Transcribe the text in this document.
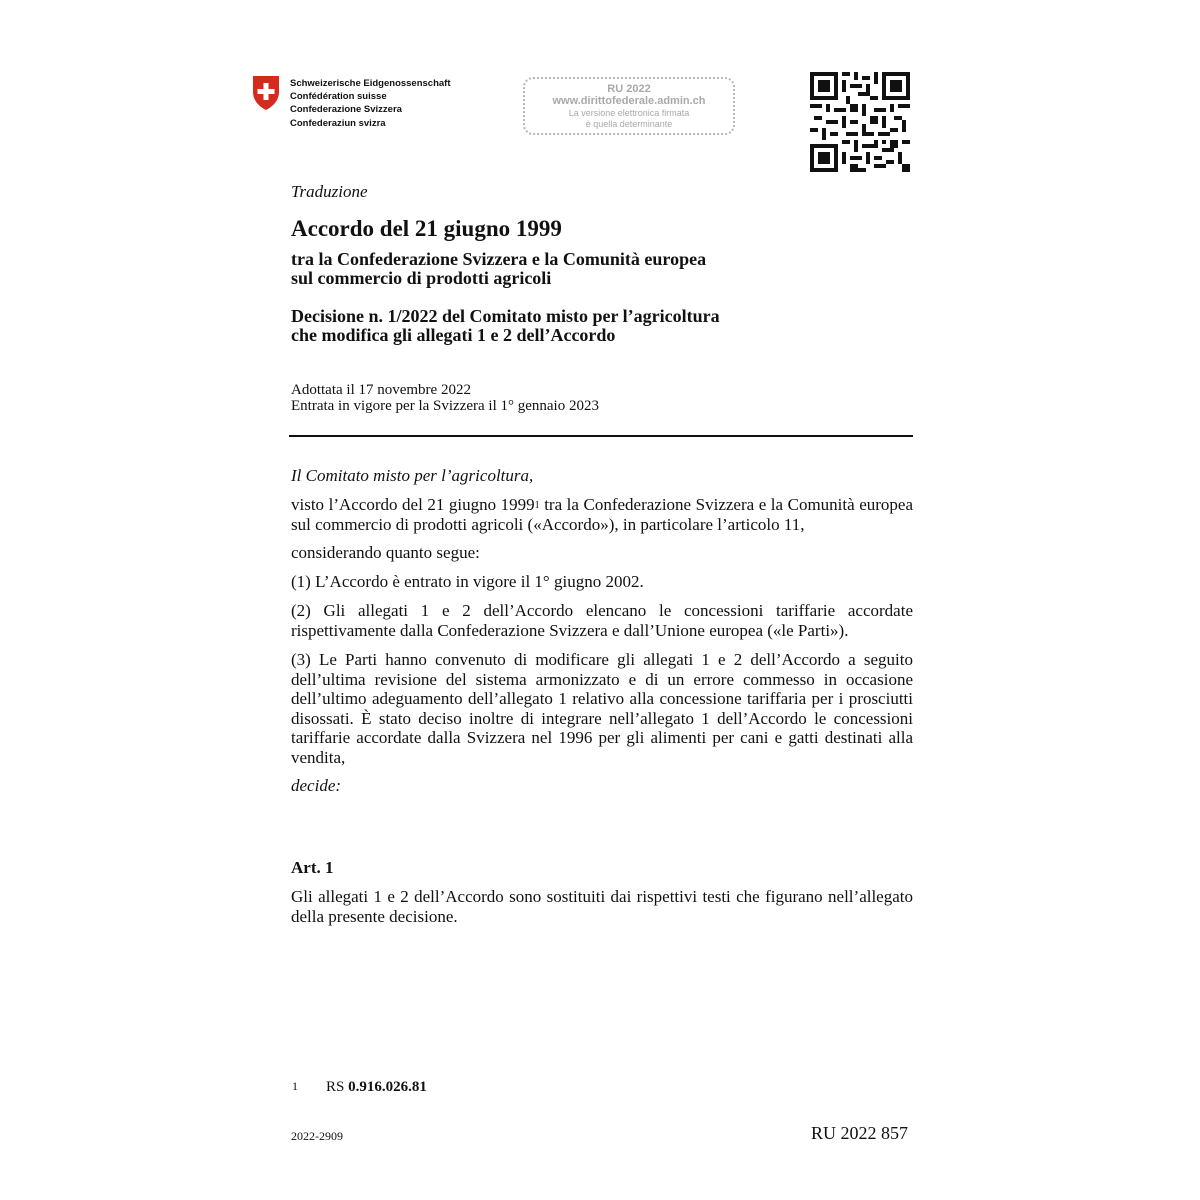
Schweizerische Eidgenossenschaft
Confédération suisse
Confederazione Svizzera
Confederaziun svizra
RU 2022
www.dirittofederale.admin.ch
La versione elettronica firmata
è quella determinante
Traduzione
Accordo del 21 giugno 1999
tra la Confederazione Svizzera e la Comunità europea
sul commercio di prodotti agricoli
Decisione n. 1/2022 del Comitato misto per l’agricoltura
che modifica gli allegati 1 e 2 dell’Accordo
Adottata il 17 novembre 2022
Entrata in vigore per la Svizzera il 1° gennaio 2023
Il Comitato misto per l’agricoltura,
visto l’Accordo del 21 giugno 1999$^1$ tra la Confederazione Svizzera e la Comunità europea sul commercio di prodotti agricoli («Accordo»), in particolare l’articolo 11,
considerando quanto segue:
(1) L’Accordo è entrato in vigore il 1° giugno 2002.
(2) Gli allegati 1 e 2 dell’Accordo elencano le concessioni tariffarie accordate rispettivamente dalla Confederazione Svizzera e dall’Unione europea («le Parti»).
(3) Le Parti hanno convenuto di modificare gli allegati 1 e 2 dell’Accordo a seguito dell’ultima revisione del sistema armonizzato e di un errore commesso in occasione dell’ultimo adeguamento dell’allegato 1 relativo alla concessione tariffaria per i prosciutti disossati. È stato deciso inoltre di integrare nell’allegato 1 dell’Accordo le concessioni tariffarie accordate dalla Svizzera nel 1996 per gli alimenti per cani e gatti destinati alla vendita,
decide:
Art. 1
Gli allegati 1 e 2 dell’Accordo sono sostituiti dai rispettivi testi che figurano nell’allegato della presente decisione.
1 RS 0.916.026.81
2022-2909	RU 2022 857
